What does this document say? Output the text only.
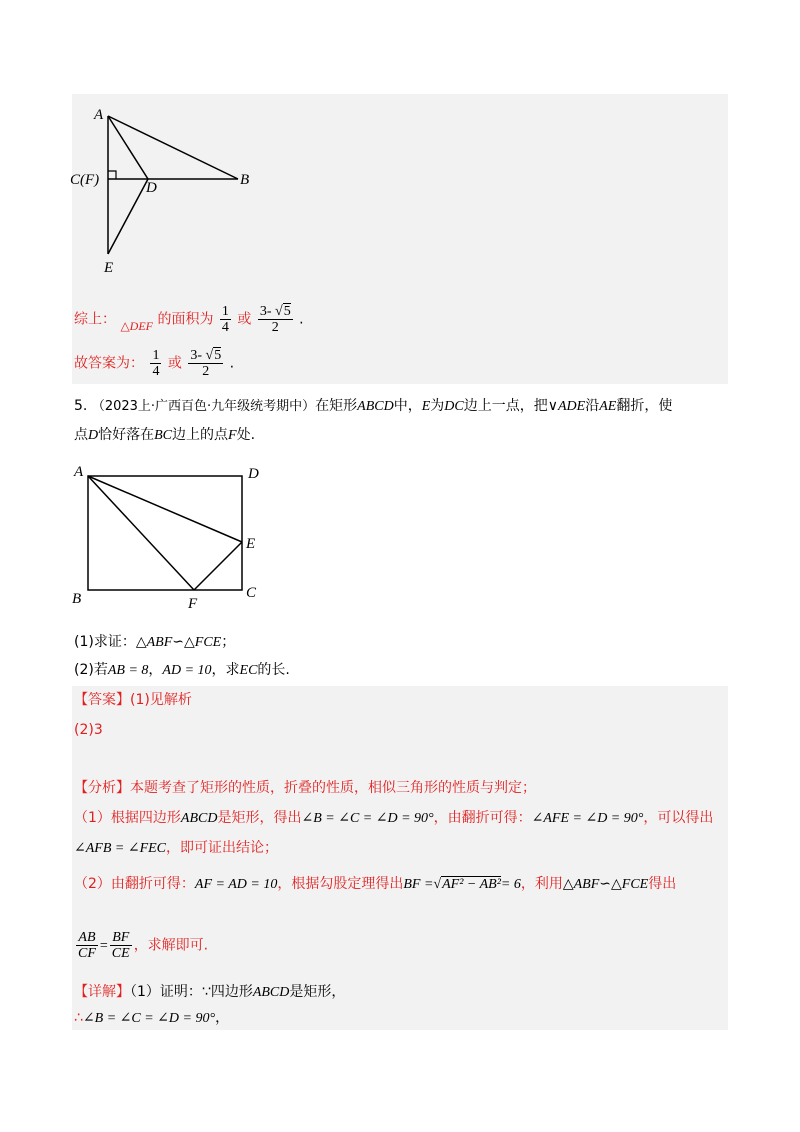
A
C(F)	D	B
E
综上： △DEF 的面积为 $\frac{1}{4}$ 或 $\frac{3- √5}{2}$ .
故答案为： $\frac{1}{4}$ 或 $\frac{3- √5}{2}$ .
5. （2023上·广西百色·九年级统考期中）在矩形ABCD中，E为DC边上一点，把∨ADE沿AE翻折，使
点D恰好落在BC边上的点F处.
A	D
E
B	F
C
(1)求证：△ABF∽△FCE；
(2)若AB = 8，AD = 10，求EC的长.
【答案】(1)见解析
(2)3
【分析】本题考查了矩形的性质，折叠的性质，相似三角形的性质与判定；
（1）根据四边形ABCD是矩形，得出∠B = ∠C = ∠D = 90°，由翻折可得：∠AFE = ∠D = 90°，可以得出
∠AFB = ∠FEC，即可证出结论；
（2）由翻折可得：AF = AD = 10，根据勾股定理得出BF =√AF² − AB²= 6，利用△ABF∽△FCE得出
$\frac{AB}{CF} = \frac{BF}{CE}$ ，求解即可.
【详解】（1）证明：∵四边形ABCD是矩形，
∴∠B = ∠C = ∠D = 90°，
